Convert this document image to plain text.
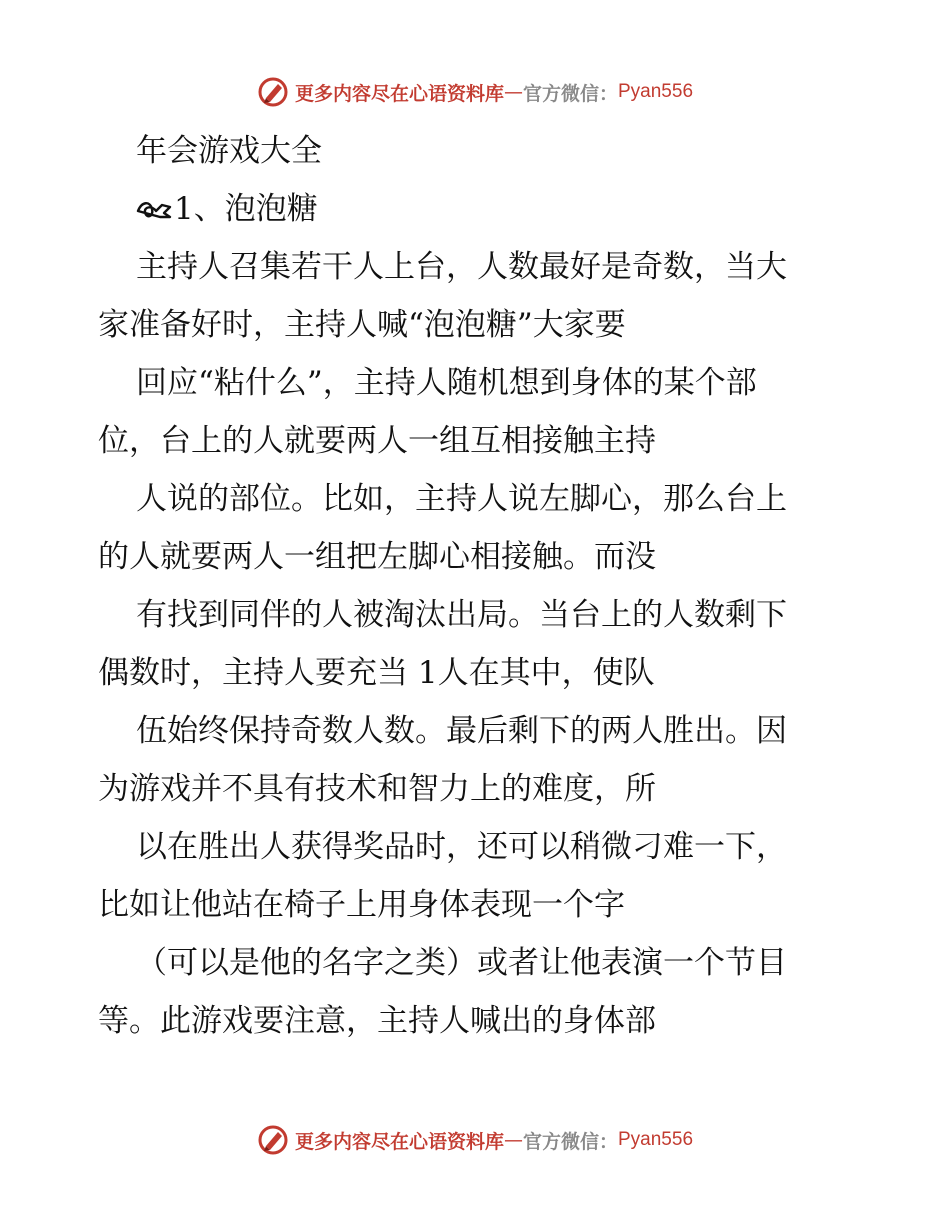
更多内容尽在心语资料库 — 官方微信： Pyan556
年会游戏大全
1、泡泡糖
主持人召集若干人上台，人数最好是奇数，当大
家准备好时，主持人喊“泡泡糖”大家要
回应“粘什么”，主持人随机想到身体的某个部
位，台上的人就要两人一组互相接触主持
人说的部位。比如，主持人说左脚心，那么台上
的人就要两人一组把左脚心相接触。而没
有找到同伴的人被淘汰出局。当台上的人数剩下
偶数时，主持人要充当 1人在其中，使队
伍始终保持奇数人数。最后剩下的两人胜出。因
为游戏并不具有技术和智力上的难度，所
以在胜出人获得奖品时，还可以稍微刁难一下，
比如让他站在椅子上用身体表现一个字
（可以是他的名字之类）或者让他表演一个节目
等。此游戏要注意，主持人喊出的身体部
更多内容尽在心语资料库 — 官方微信： Pyan556
